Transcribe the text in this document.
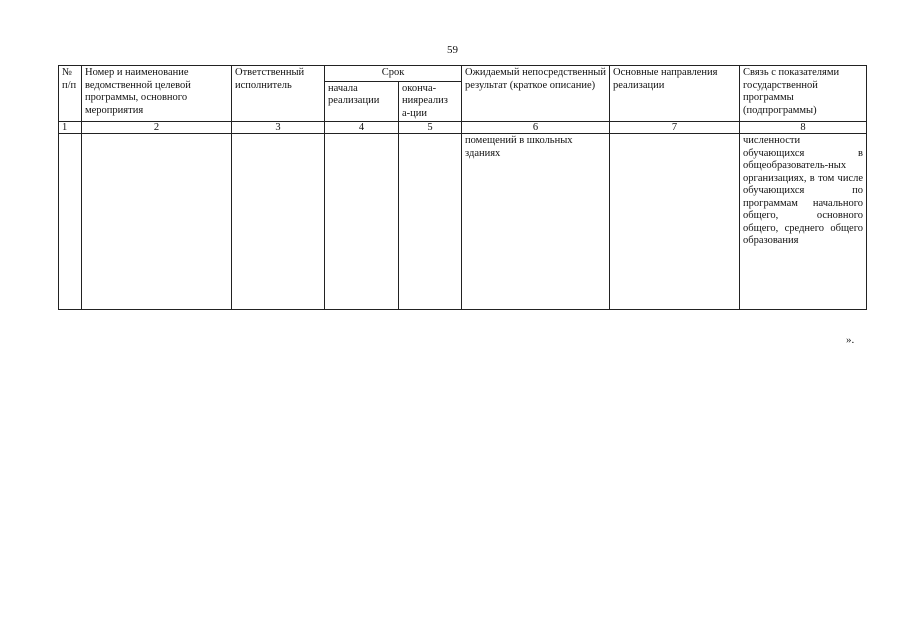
59
№ п/п	Номер и наименование ведомственной целевой программы, основного мероприятия	Ответственный исполнитель	Срок		Ожидаемый непосредственный результат (краткое описание)	Основные направления реализации	Связь с показателями государственной программы (подпрограммы)
			начала реализации	оконча-нияреализ а-ции			
1	2	3	4	5	6	7	8
					помещений в школьных зданиях		численности обучающихся в общеобразователь-ных организациях, в том числе обучающихся по программам начального общего, основного общего, среднего общего образования
».
